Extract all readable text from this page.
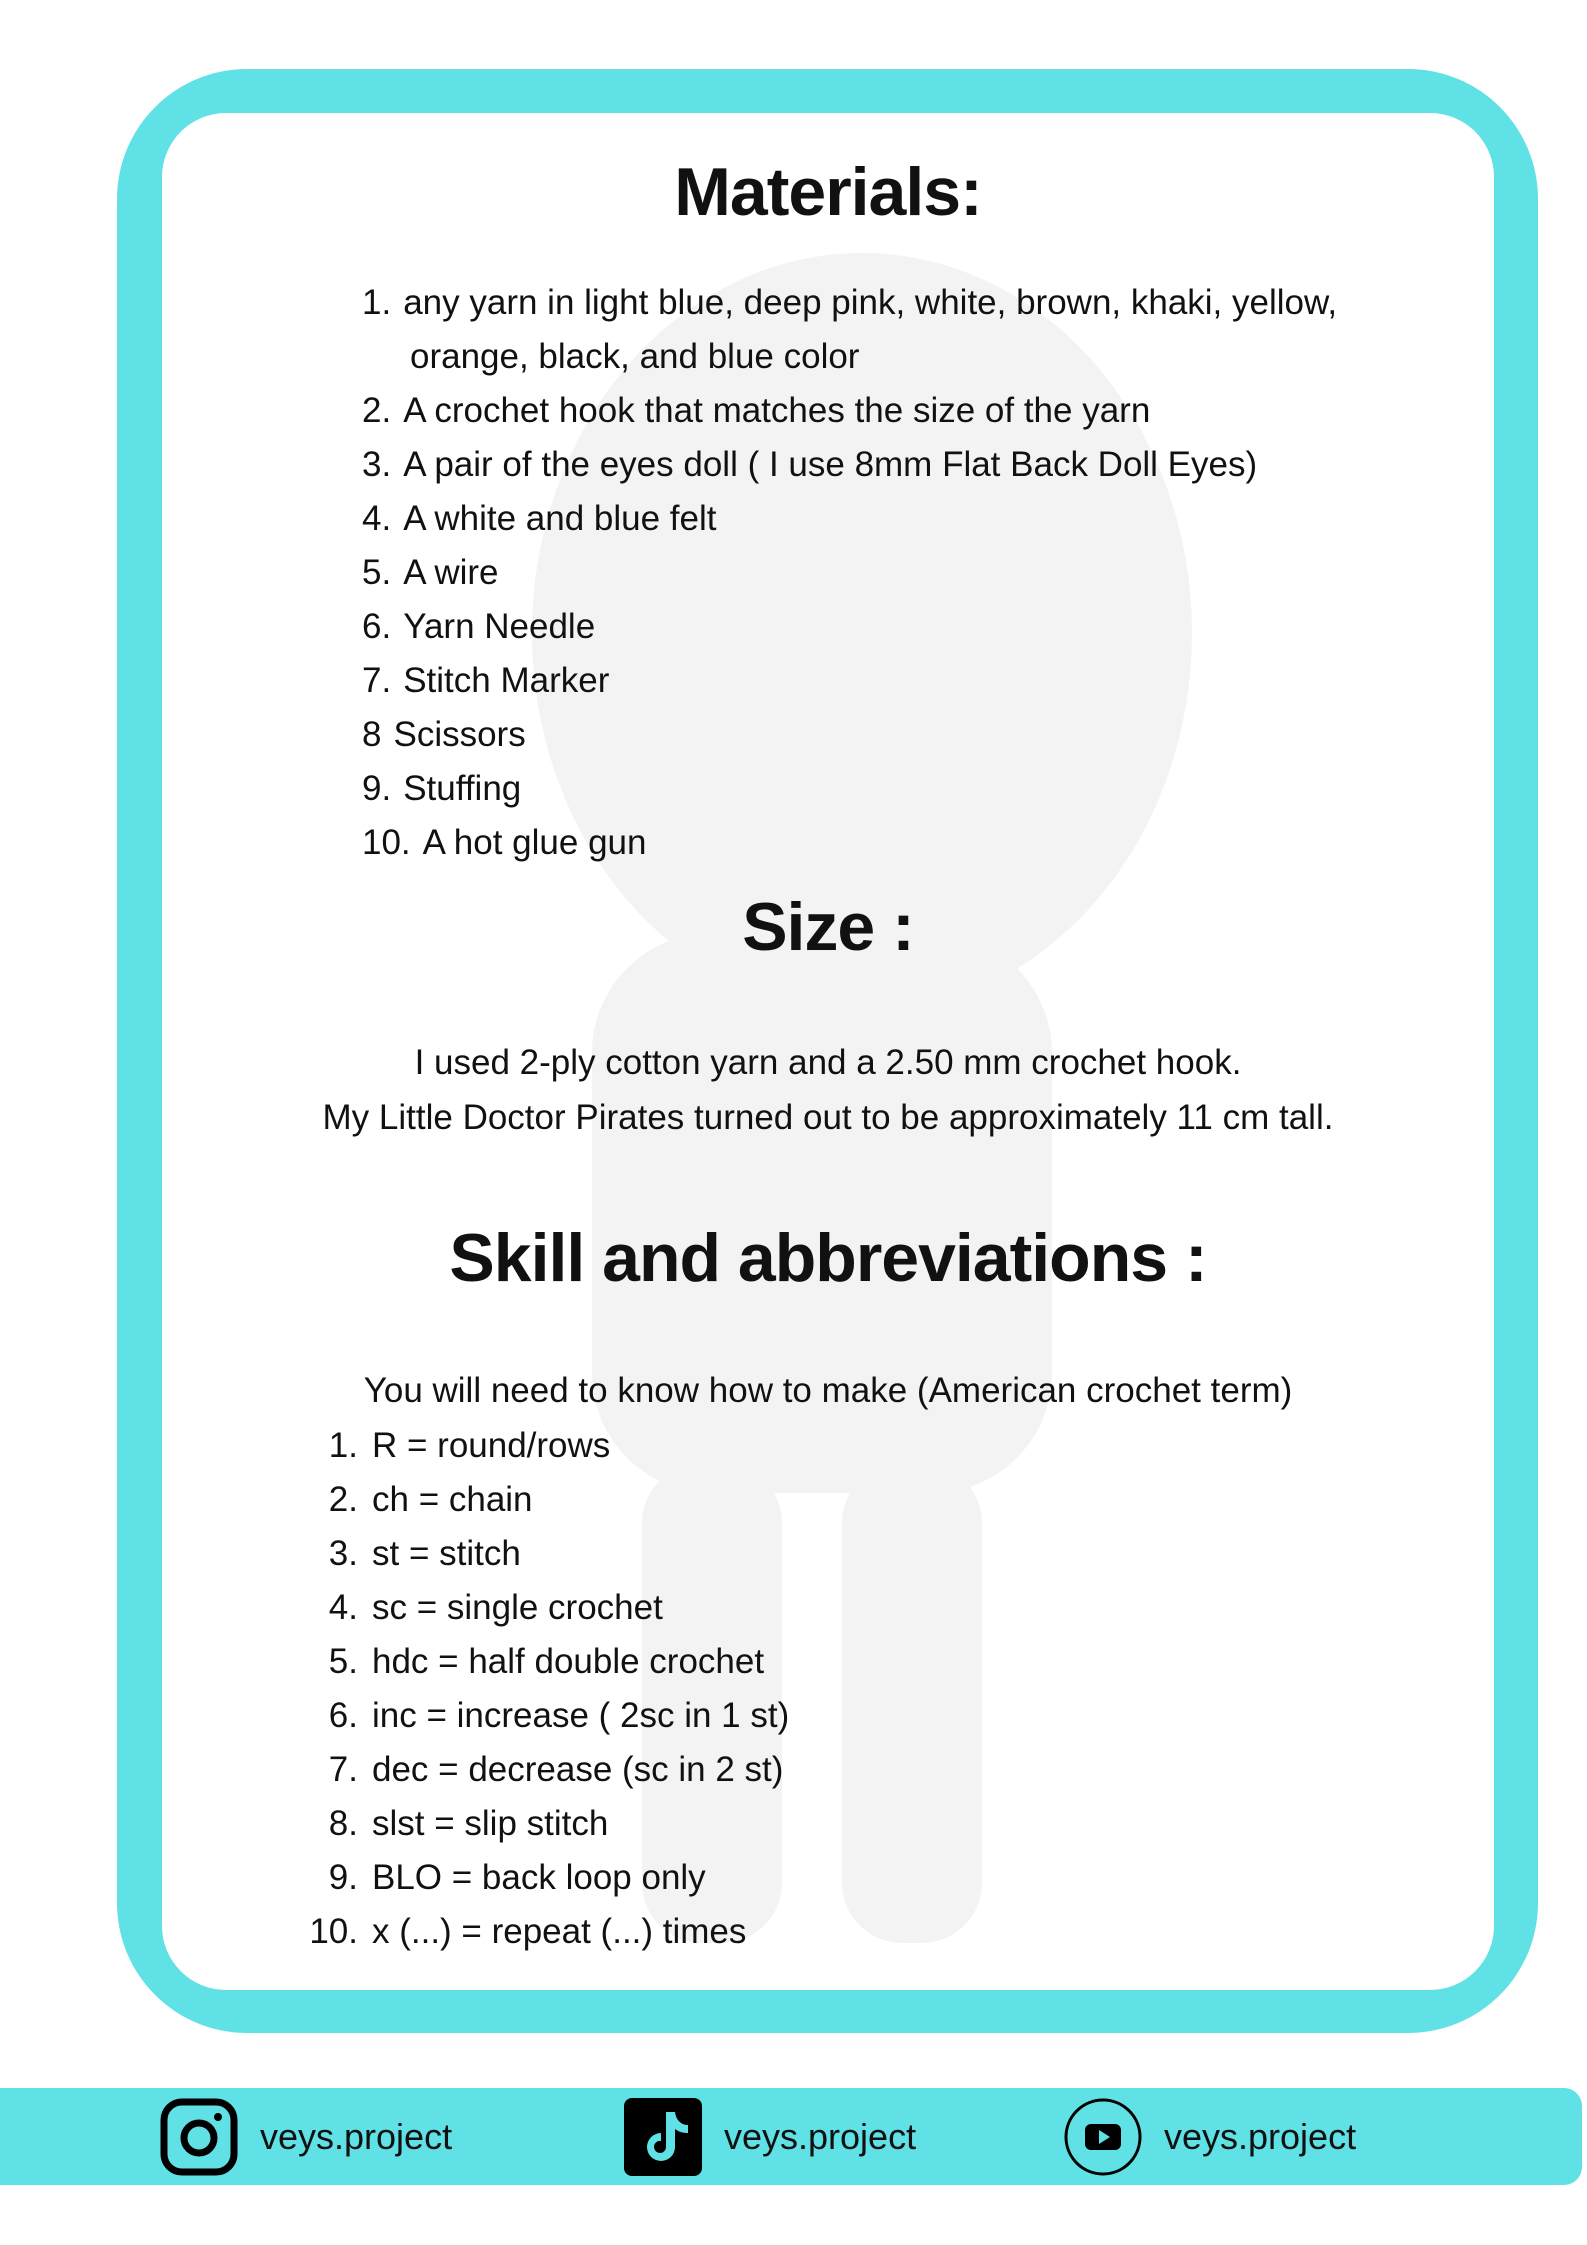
Materials:
1. any yarn in light blue, deep pink, white, brown, khaki, yellow,
orange, black, and blue color
2. A crochet hook that matches the size of the yarn
3. A pair of the eyes doll ( I use 8mm Flat Back Doll Eyes)
4. A white and blue felt
5. A wire
6. Yarn Needle
7. Stitch Marker
8 Scissors
9. Stuffing
10. A hot glue gun
Size :
I used 2-ply cotton yarn and a 2.50 mm crochet hook.
My Little Doctor Pirates turned out to be approximately 11 cm tall.
Skill and abbreviations :
You will need to know how to make (American crochet term)
1. R = round/rows
2. ch = chain
3. st = stitch
4. sc = single crochet
5. hdc = half double crochet
6. inc = increase ( 2sc in 1 st)
7. dec = decrease (sc in 2 st)
8. slst = slip stitch
9. BLO = back loop only
10. x (...) = repeat (...) times
veys.project	veys.project	veys.project
